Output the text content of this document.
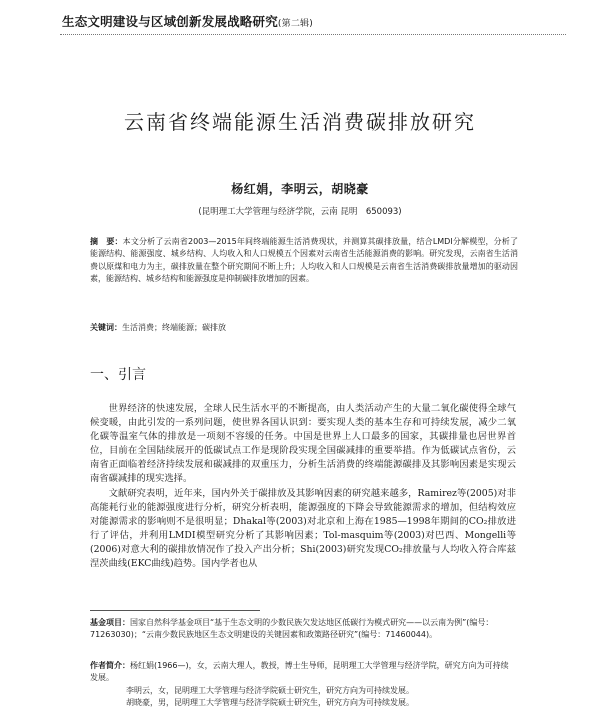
生态文明建设与区域创新发展战略研究(第二辑)
云南省终端能源生活消费碳排放研究
杨红娟，李明云，胡晓豪
(昆明理工大学管理与经济学院，云南 昆明　650093)
摘　要：本文分析了云南省2003—2015年间终端能源生活消费现状，并测算其碳排放量，结合LMDI分解模型，分析了能源结构、能源强度、城乡结构、人均收入和人口规模五个因素对云南省生活能源消费的影响。研究发现，云南省生活消费以原煤和电力为主，碳排放量在整个研究期间不断上升；人均收入和人口规模是云南省生活消费碳排放量增加的驱动因素，能源结构、城乡结构和能源强度是抑制碳排放增加的因素。
关键词：生活消费；终端能源；碳排放
一、引言

世界经济的快速发展，全球人民生活水平的不断提高，由人类活动产生的大量二氧化碳使得全球气候变暖，由此引发的一系列问题，使世界各国认识到：要实现人类的基本生存和可持续发展，减少二氧化碳等温室气体的排放是一项刻不容缓的任务。中国是世界上人口最多的国家，其碳排量也居世界首位，目前在全国陆续展开的低碳试点工作是现阶段实现全国碳减排的重要举措。作为低碳试点省份，云南省正面临着经济持续发展和碳减排的双重压力，分析生活消费的终端能源碳排及其影响因素是实现云南省碳减排的现实选择。

文献研究表明，近年来，国内外关于碳排放及其影响因素的研究越来越多，Ramirez等(2005)对非高能耗行业的能源强度进行分析，研究分析表明，能源强度的下降会导致能源需求的增加，但结构效应对能源需求的影响则不是很明显；Dhakal等(2003)对北京和上海在1985—1998年期间的CO₂排放进行了评估，并利用LMDI模型研究分析了其影响因素；Tol-masquim等(2003)对巴西、Mongelli等(2006)对意大利的碳排放情况作了投入产出分析；Shi(2003)研究发现CO₂排放量与人均收入符合库兹涅茨曲线(EKC曲线)趋势。国内学者也从

基金项目：国家自然科学基金项目“基于生态文明的少数民族欠发达地区低碳行为模式研究——以云南为例”(编号：71263030)；“云南少数民族地区生态文明建设的关键因素和政策路径研究”(编号：71460044)。
作者简介：杨红娟(1966—)，女，云南大理人，教授，博士生导师，昆明理工大学管理与经济学院，研究方向为可持续发展。
李明云，女，昆明理工大学管理与经济学院硕士研究生，研究方向为可持续发展。
胡晓豪，男，昆明理工大学管理与经济学院硕士研究生，研究方向为可持续发展。
